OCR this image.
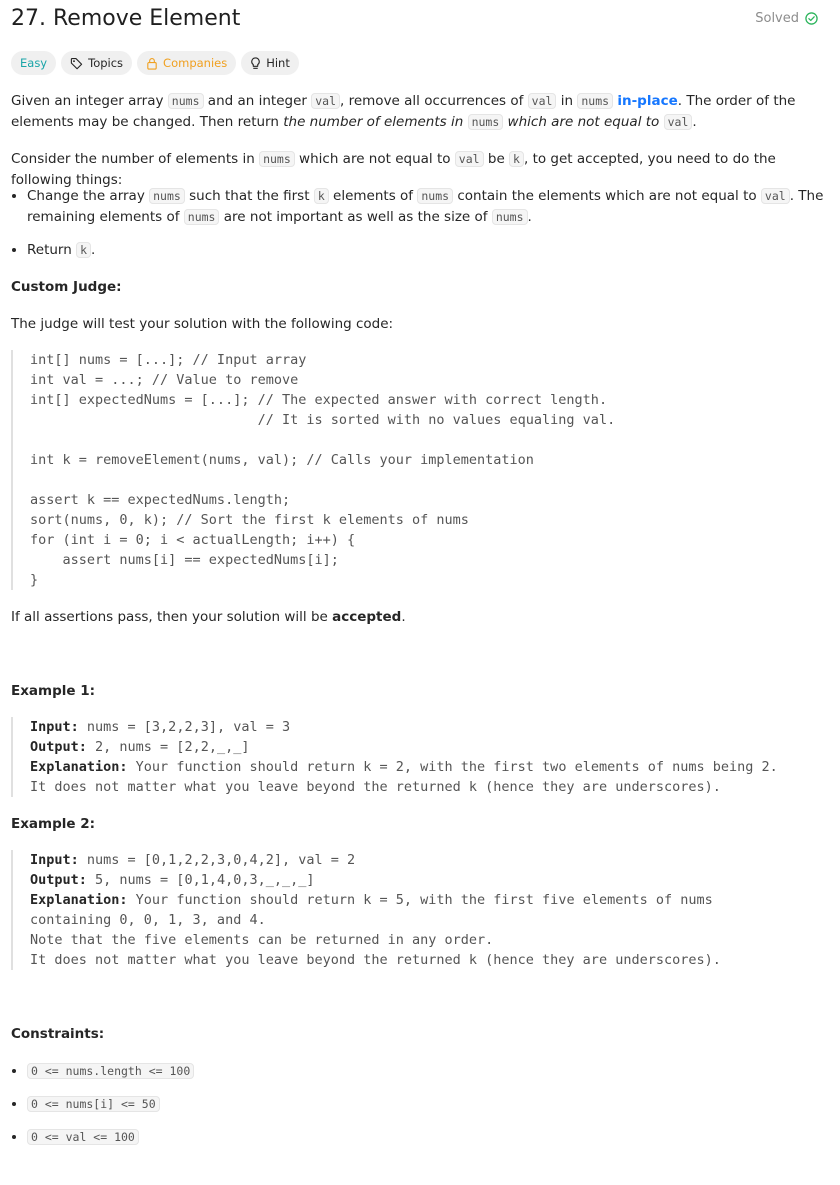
27. Remove Element	Solved
Easy	Topics	Companies	Hint

Given an integer array nums and an integer val , remove all occurrences of val in nums in-place. The order of the elements may be changed. Then return the number of elements in nums which are not equal to val .

Consider the number of elements in nums which are not equal to val be k , to get accepted, you need to do the following things:

• Change the array nums such that the first k elements of nums contain the elements which are not equal to val . The remaining elements of nums are not important as well as the size of nums .
• Return k .

Custom Judge:

The judge will test your solution with the following code:

int[] nums = [...]; // Input array
int val = ...; // Value to remove
int[] expectedNums = [...]; // The expected answer with correct length.
// It is sorted with no values equaling val.

int k = removeElement(nums, val); // Calls your implementation

assert k == expectedNums.length;
sort(nums, 0, k); // Sort the first k elements of nums
for (int i = 0; i < actualLength; i++) {
assert nums[i] == expectedNums[i];
}

If all assertions pass, then your solution will be accepted.

Example 1:

Input: nums = [3,2,2,3], val = 3
Output: 2, nums = [2,2,_,_]
Explanation: Your function should return k = 2, with the first two elements of nums being 2.
It does not matter what you leave beyond the returned k (hence they are underscores).

Example 2:

Input: nums = [0,1,2,2,3,0,4,2], val = 2
Output: 5, nums = [0,1,4,0,3,_,_,_]
Explanation: Your function should return k = 5, with the first five elements of nums
containing 0, 0, 1, 3, and 4.
Note that the five elements can be returned in any order.
It does not matter what you leave beyond the returned k (hence they are underscores).

Constraints:

• 0 <= nums.length <= 100
• 0 <= nums[i] <= 50
• 0 <= val <= 100
